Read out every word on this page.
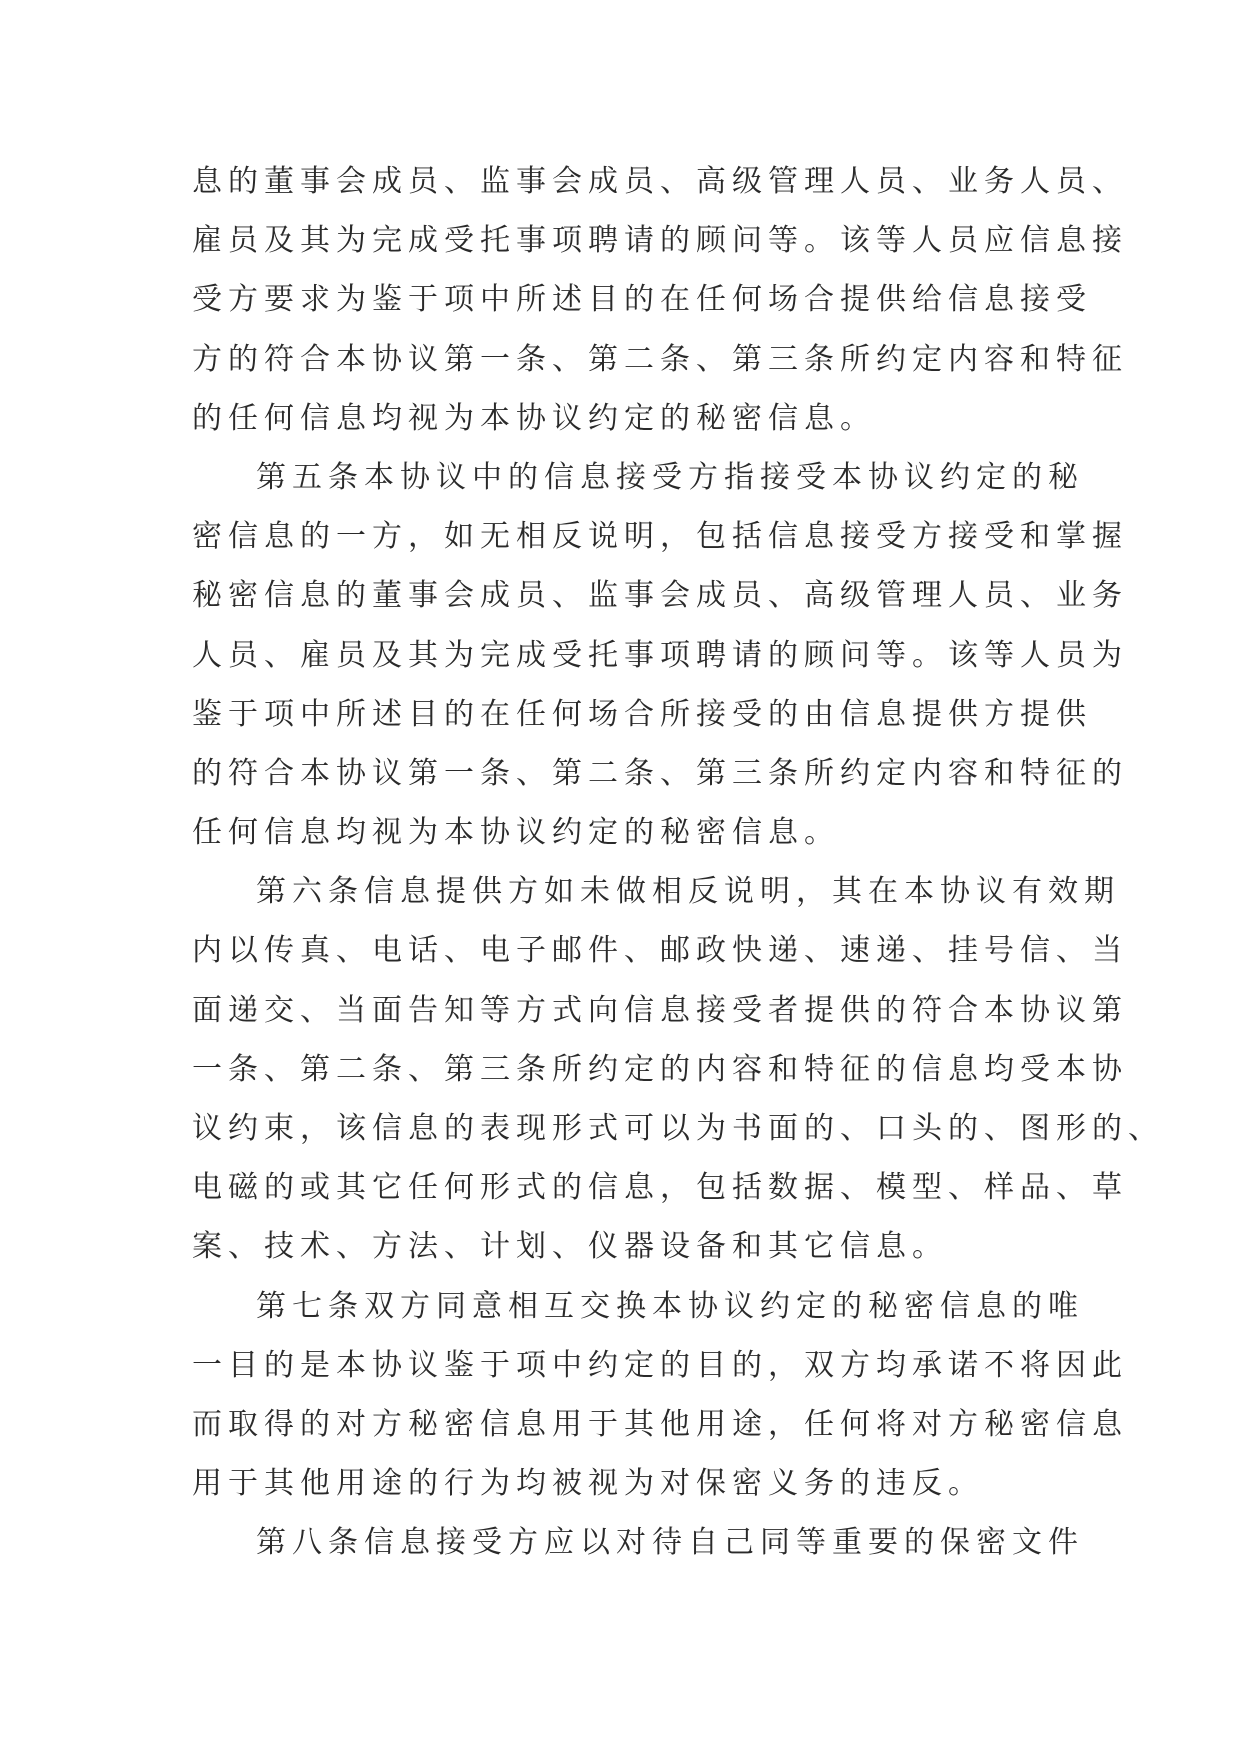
息的董事会成员、监事会成员、高级管理人员、业务人员、
雇员及其为完成受托事项聘请的顾问等。该等人员应信息接
受方要求为鉴于项中所述目的在任何场合提供给信息接受
方的符合本协议第一条、第二条、第三条所约定内容和特征
的任何信息均视为本协议约定的秘密信息。
第五条本协议中的信息接受方指接受本协议约定的秘
密信息的一方，如无相反说明，包括信息接受方接受和掌握
秘密信息的董事会成员、监事会成员、高级管理人员、业务
人员、雇员及其为完成受托事项聘请的顾问等。该等人员为
鉴于项中所述目的在任何场合所接受的由信息提供方提供
的符合本协议第一条、第二条、第三条所约定内容和特征的
任何信息均视为本协议约定的秘密信息。
第六条信息提供方如未做相反说明，其在本协议有效期
内以传真、电话、电子邮件、邮政快递、速递、挂号信、当
面递交、当面告知等方式向信息接受者提供的符合本协议第
一条、第二条、第三条所约定的内容和特征的信息均受本协
议约束，该信息的表现形式可以为书面的、口头的、图形的、
电磁的或其它任何形式的信息，包括数据、模型、样品、草
案、技术、方法、计划、仪器设备和其它信息。
第七条双方同意相互交换本协议约定的秘密信息的唯
一目的是本协议鉴于项中约定的目的，双方均承诺不将因此
而取得的对方秘密信息用于其他用途，任何将对方秘密信息
用于其他用途的行为均被视为对保密义务的违反。
第八条信息接受方应以对待自己同等重要的保密文件
